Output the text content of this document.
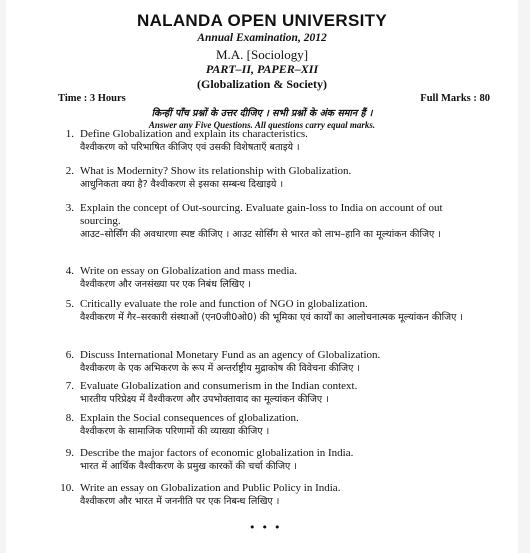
NALANDA OPEN UNIVERSITY
Annual Examination, 2012
M.A. [Sociology]
PART–II, PAPER–XII
(Globalization & Society)
Time : 3 Hours	Full Marks : 80
किन्हीं पाँच प्रश्नों के उत्तर दीजिए । सभी प्रश्नों के अंक समान हैं ।
Answer any Five Questions. All questions carry equal marks.
1. Define Globalization and explain its characteristics.
वैश्वीकरण को परिभाषित कीजिए एवं उसकी विशेषताएँ बताइये ।
2. What is Modernity? Show its relationship with Globalization.
आधुनिकता क्या है? वैश्वीकरण से इसका सम्बन्ध दिखाइये ।
3. Explain the concept of Out-sourcing. Evaluate gain-loss to India on account of out sourcing.
आउट–सोर्सिंग की अवधारणा स्पष्ट कीजिए । आउट सोर्सिंग से भारत को लाभ–हानि का मूल्यांकन कीजिए ।
4. Write on essay on Globalization and mass media.
वैश्वीकरण और जनसंख्या पर एक निबंध लिखिए ।
5. Critically evaluate the role and function of NGO in globalization.
वैश्वीकरण में गैर–सरकारी संस्थाओं (एन0जी0ओ0) की भूमिका एवं कार्यों का आलोचनात्मक मूल्यांकन कीजिए ।
6. Discuss International Monetary Fund as an agency of Globalization.
वैश्वीकरण के एक अभिकरण के रूप में अन्तर्राष्ट्रीय मुद्राकोष की विवेचना कीजिए ।
7. Evaluate Globalization and consumerism in the Indian context.
भारतीय परिप्रेक्ष्य में वैश्वीकरण और उपभोक्तावाद का मूल्यांकन कीजिए ।
8. Explain the Social consequences of globalization.
वैश्वीकरण के सामाजिक परिणामों की व्याख्या कीजिए ।
9. Describe the major factors of economic globalization in India.
भारत में आर्थिक वैश्वीकरण के प्रमुख कारकों की चर्चा कीजिए ।
10. Write an essay on Globalization and Public Policy in India.
वैश्वीकरण और भारत में जननीति पर एक निबन्ध लिखिए ।
•••
